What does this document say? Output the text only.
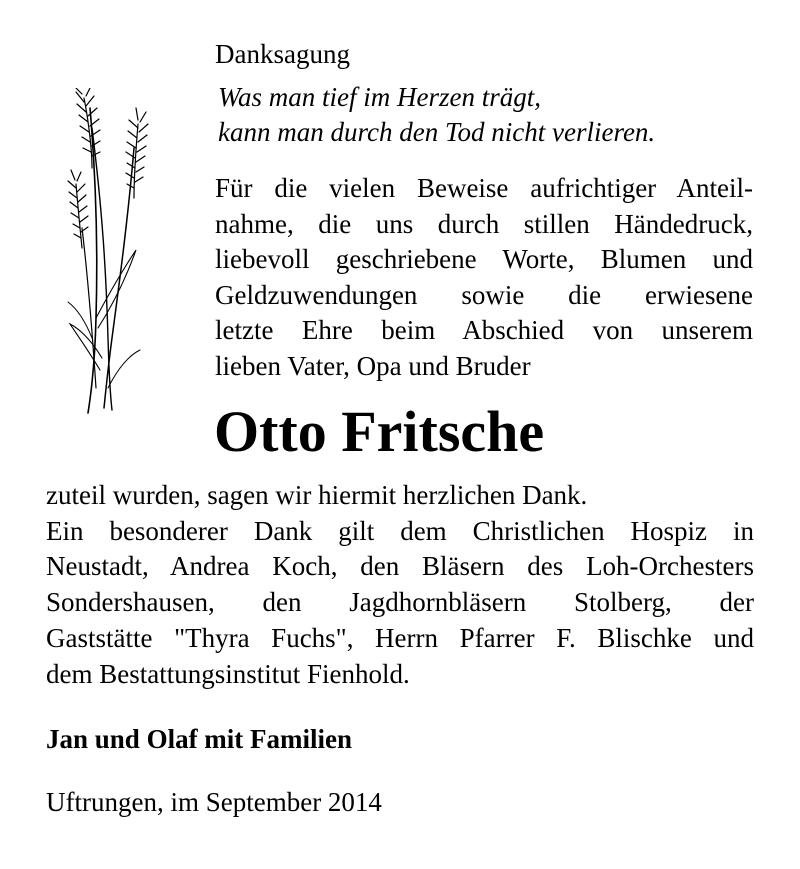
Danksagung
Was man tief im Herzen trägt,
kann man durch den Tod nicht verlieren.
Für die vielen Beweise aufrichtiger Anteil-
nahme, die uns durch stillen Händedruck,
liebevoll geschriebene Worte, Blumen und
Geldzuwendungen sowie die erwiesene
letzte Ehre beim Abschied von unserem
lieben Vater, Opa und Bruder
Otto Fritsche
zuteil wurden, sagen wir hiermit herzlichen Dank.
Ein besonderer Dank gilt dem Christlichen Hospiz in
Neustadt, Andrea Koch, den Bläsern des Loh-Orchesters
Sondershausen, den Jagdhornbläsern Stolberg, der
Gaststätte "Thyra Fuchs", Herrn Pfarrer F. Blischke und
dem Bestattungsinstitut Fienhold.
Jan und Olaf mit Familien
Uftrungen, im September 2014
